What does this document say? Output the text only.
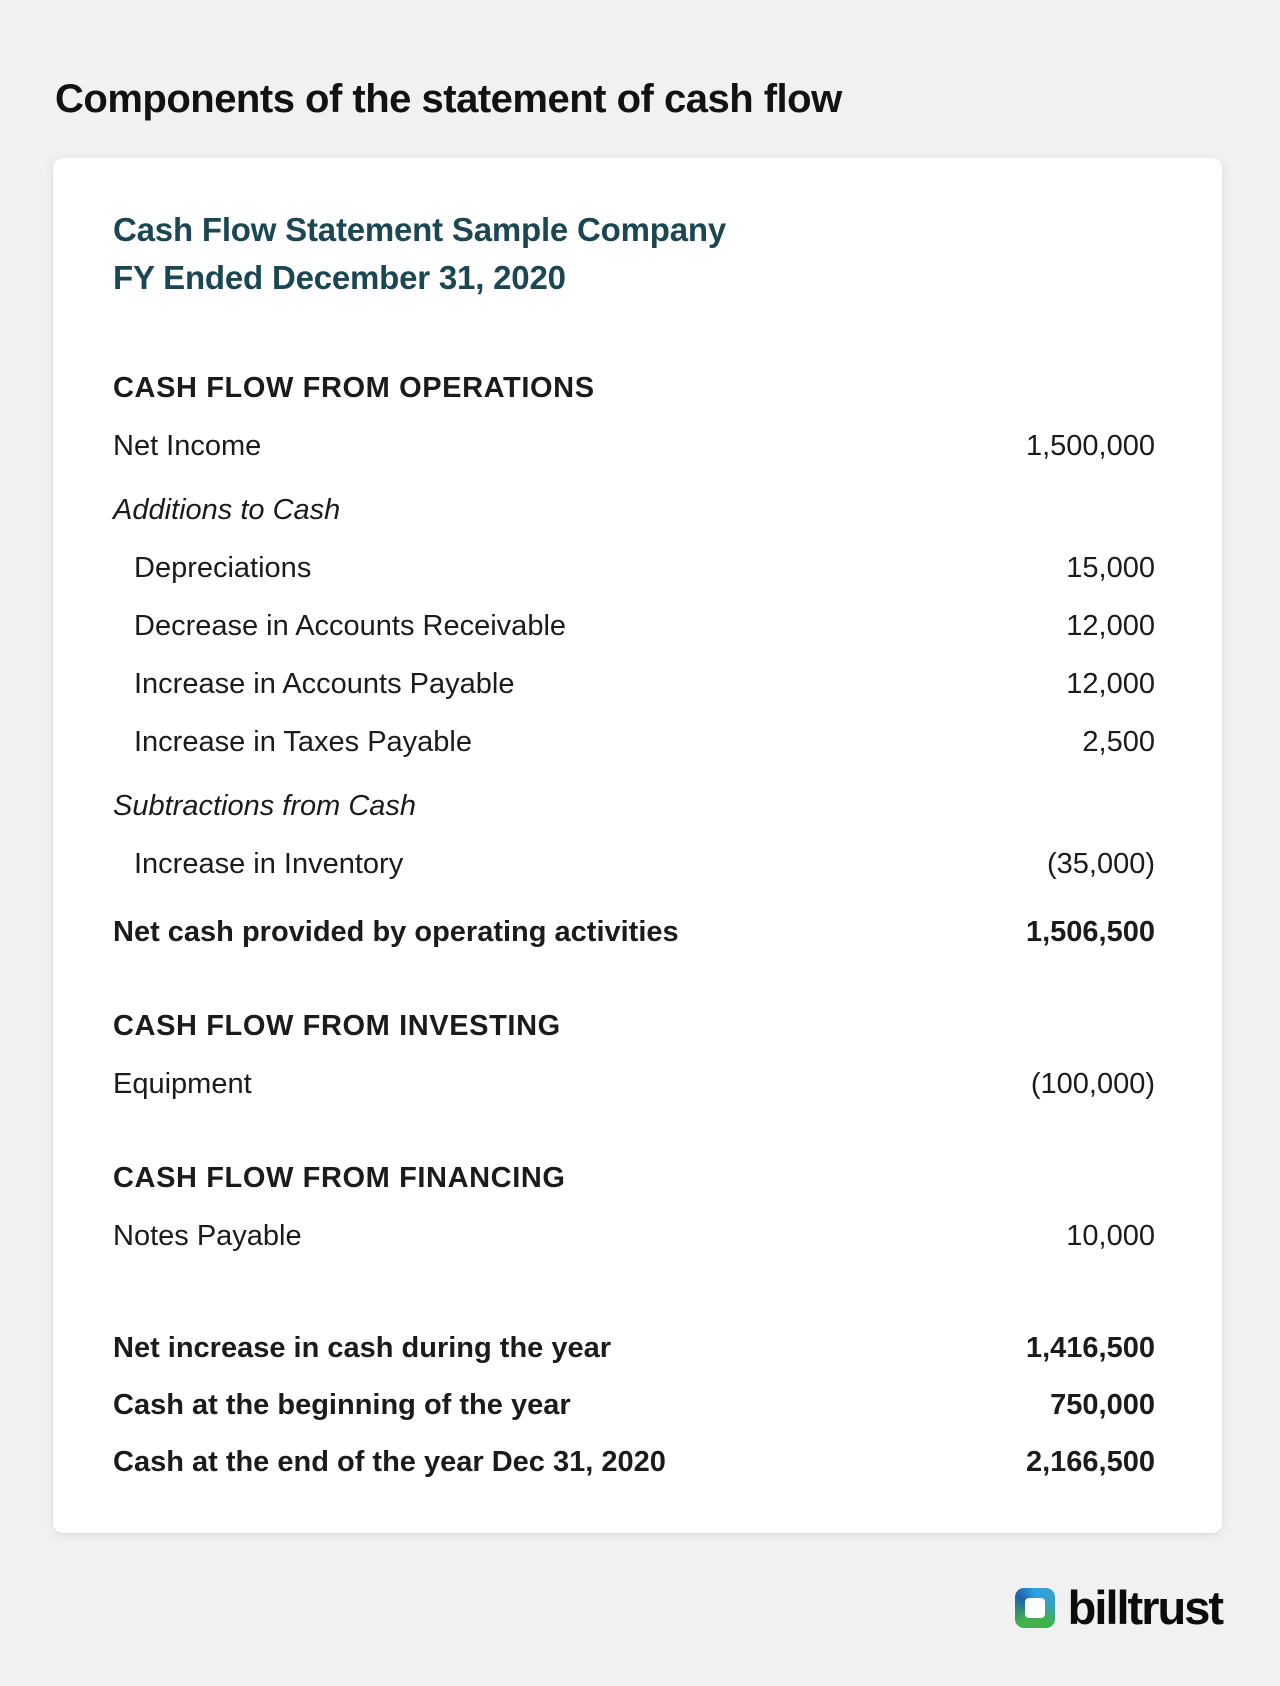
Components of the statement of cash flow
Cash Flow Statement Sample Company
FY Ended December 31, 2020
CASH FLOW FROM OPERATIONS
Net Income	1,500,000
Additions to Cash
Depreciations	15,000
Decrease in Accounts Receivable	12,000
Increase in Accounts Payable	12,000
Increase in Taxes Payable	2,500
Subtractions from Cash
Increase in Inventory	(35,000)
Net cash provided by operating activities	1,506,500
CASH FLOW FROM INVESTING
Equipment	(100,000)
CASH FLOW FROM FINANCING
Notes Payable	10,000
Net increase in cash during the year	1,416,500
Cash at the beginning of the year	750,000
Cash at the end of the year Dec 31, 2020	2,166,500
billtrust
